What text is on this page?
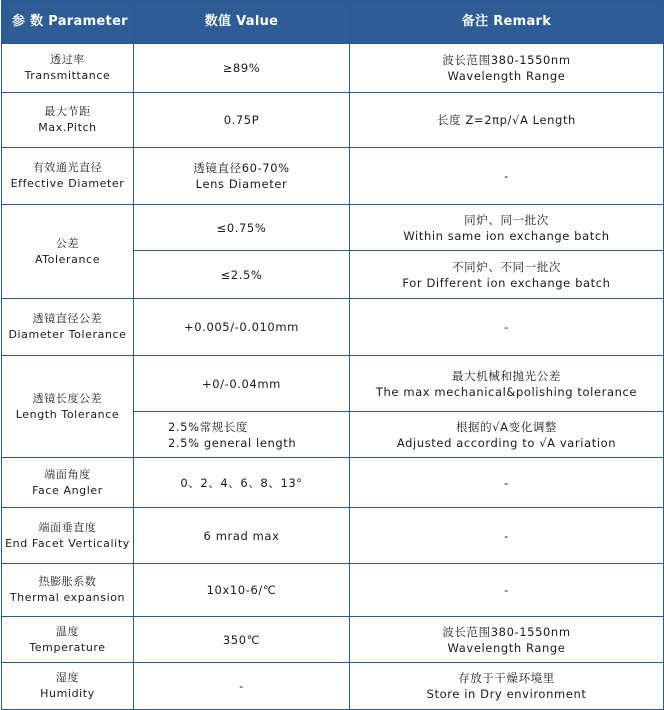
参 数 Parameter	数值 Value	备注 Remark

透过率
Transmittance	≥89%	波长范围380-1550nm
Wavelength Range

最大节距
Max.Pitch	0.75P	长度 Z=2πp/√A Length

有效通光直径
Effective Diameter	透镜直径60-70%
Lens Diameter	-

公差
ATolerance	≤0.75%	同炉、同一批次
Within same ion exchange batch

	≤2.5%	不同炉、不同一批次
For Different ion exchange batch

透镜直径公差
Diameter Tolerance	+0.005/-0.010mm	-

透镜长度公差
Length Tolerance	+0/-0.04mm	最大机械和抛光公差
The max mechanical&polishing tolerance

	2.5%常规长度
2.5% general length	根据的√A变化调整
Adjusted according to √A variation

端面角度
Face Angler	0、2、4、6、8、13°	-

端面垂直度
End Facet Verticality	6 mrad max	-

热膨胀系数
Thermal expansion	10x10-6/℃	-

温度
Temperature	350℃	波长范围380-1550nm
Wavelength Range

湿度
Humidity	-	存放于干燥环境里
Store in Dry environment
